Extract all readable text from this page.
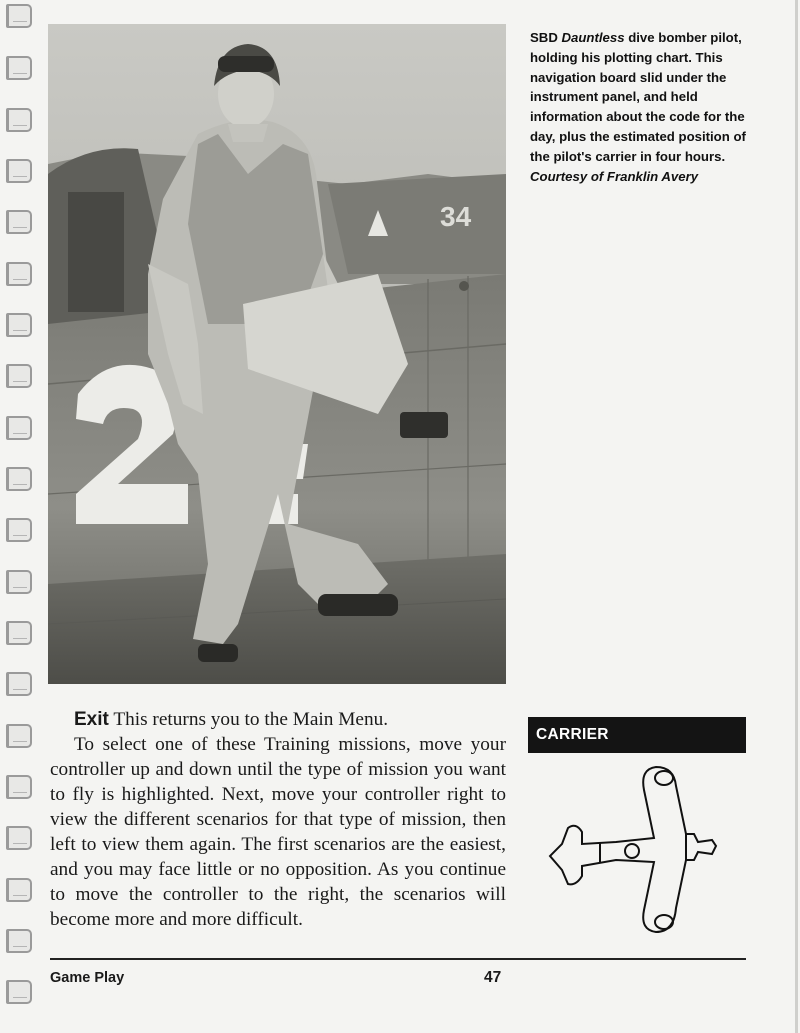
34
SBD Dauntless dive bomber pilot, holding his plotting chart. This navigation board slid under the instrument panel, and held information about the code for the day, plus the estimated position of the pilot's carrier in four hours. Courtesy of Franklin Avery

Exit This returns you to the Main Menu.

To select one of these Training missions, move your controller up and down until the type of mission you want to fly is highlighted. Next, move your controller right to view the different scenarios for that type of mission, then left to view them again. The first scenarios are the easiest, and you may face little or no opposition. As you continue to move the controller to the right, the scenarios will become more and more difficult.

CARRIER
Game Play	47
